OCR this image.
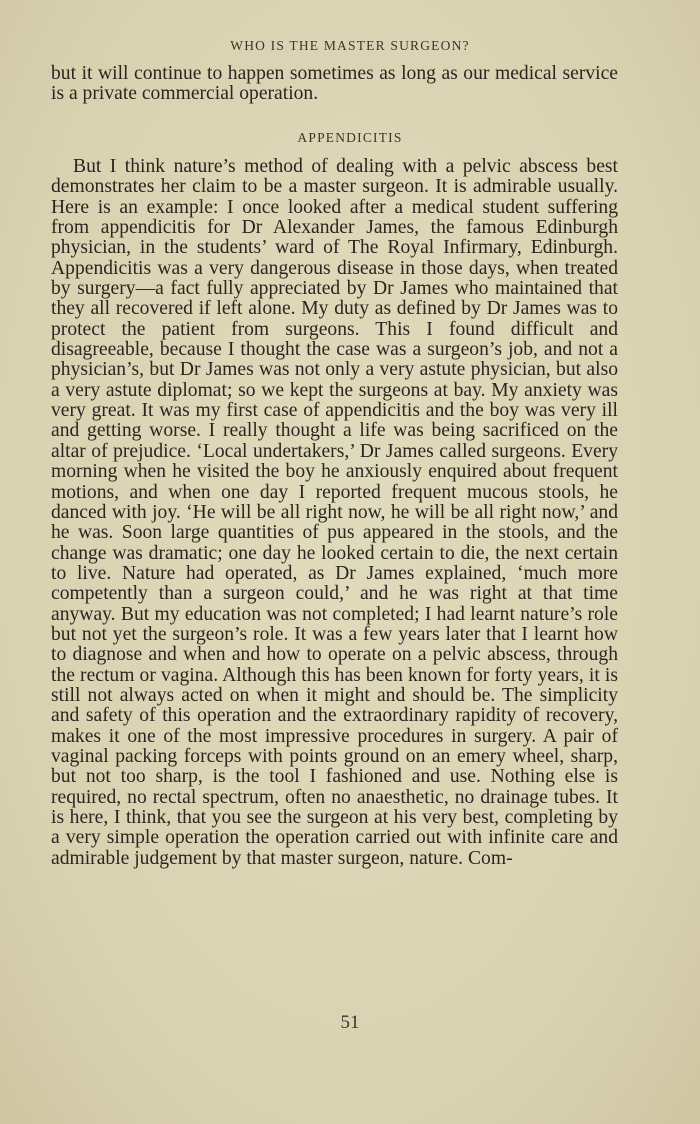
WHO IS THE MASTER SURGEON?

but it will continue to happen sometimes as long as our medical service is a private commercial operation.

APPENDICITIS

But I think nature’s method of dealing with a pelvic abscess best demonstrates her claim to be a master surgeon. It is admirable usually. Here is an example: I once looked after a medical student suffering from appendicitis for Dr Alexander James, the famous Edinburgh physician, in the students’ ward of The Royal Infirmary, Edinburgh. Appendicitis was a very dangerous disease in those days, when treated by surgery—a fact fully appreciated by Dr James who maintained that they all recovered if left alone. My duty as defined by Dr James was to protect the patient from surgeons. This I found difficult and disagreeable, because I thought the case was a surgeon’s job, and not a physician’s, but Dr James was not only a very astute physician, but also a very astute diplomat; so we kept the surgeons at bay. My anxiety was very great. It was my first case of appendicitis and the boy was very ill and getting worse. I really thought a life was being sacrificed on the altar of prejudice. ‘Local undertakers,’ Dr James called surgeons. Every morning when he visited the boy he anxiously enquired about frequent motions, and when one day I reported frequent mucous stools, he danced with joy. ‘He will be all right now, he will be all right now,’ and he was. Soon large quantities of pus appeared in the stools, and the change was dramatic; one day he looked certain to die, the next certain to live. Nature had operated, as Dr James explained, ‘much more competently than a surgeon could,’ and he was right at that time anyway. But my education was not completed; I had learnt nature’s role but not yet the surgeon’s role. It was a few years later that I learnt how to diagnose and when and how to operate on a pelvic abscess, through the rectum or vagina. Although this has been known for forty years, it is still not always acted on when it might and should be. The simplicity and safety of this operation and the extraordinary rapidity of recovery, makes it one of the most impressive procedures in surgery. A pair of vaginal packing forceps with points ground on an emery wheel, sharp, but not too sharp, is the tool I fashioned and use. Nothing else is required, no rectal spectrum, often no anaesthetic, no drainage tubes. It is here, I think, that you see the surgeon at his very best, completing by a very simple operation the operation carried out with infinite care and admirable judgement by that master surgeon, nature. Com-

51
